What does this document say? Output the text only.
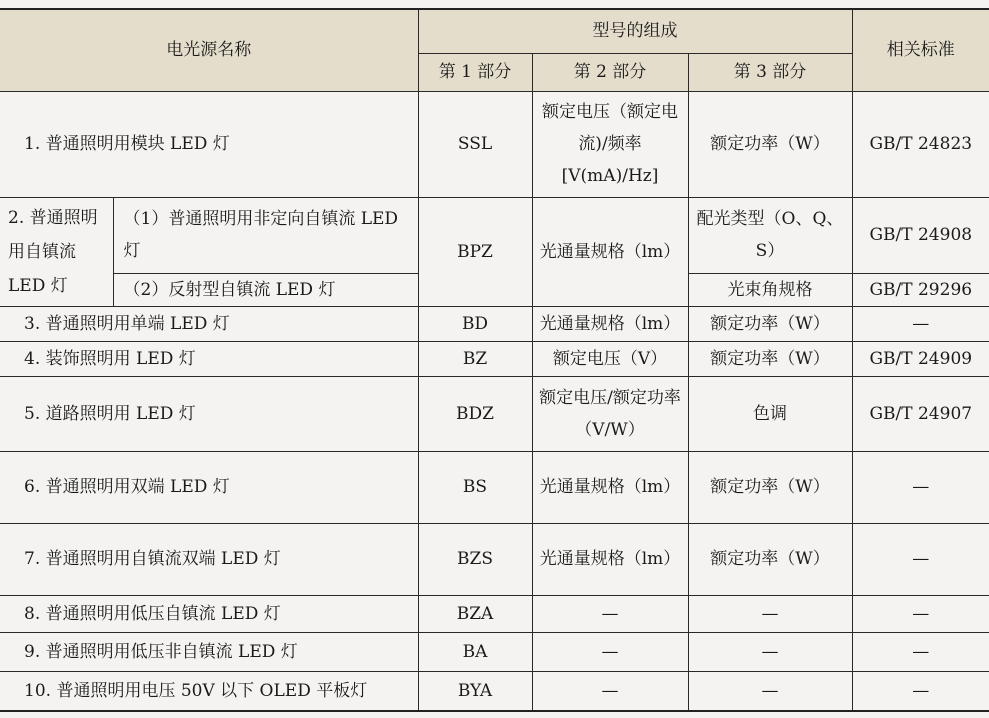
电光源名称		型号的组成			相关标准
		第 1 部分	第 2 部分	第 3 部分	
1. 普通照明用模块 LED 灯		SSL	额定电压（额定电流)/频率[V(mA)/Hz]	额定功率（W）	GB/T 24823
2. 普通照明用自镇流 LED 灯	（1）普通照明用非定向自镇流 LED 灯	BPZ	光通量规格（lm）	配光类型（O、Q、S）	GB/T 24908
	（2）反射型自镇流 LED 灯			光束角规格	GB/T 29296
3. 普通照明用单端 LED 灯		BD	光通量规格（lm）	额定功率（W）	—
4. 装饰照明用 LED 灯		BZ	额定电压（V）	额定功率（W）	GB/T 24909
5. 道路照明用 LED 灯		BDZ	额定电压/额定功率（V/W）	色调	GB/T 24907
6. 普通照明用双端 LED 灯		BS	光通量规格（lm）	额定功率（W）	—
7. 普通照明用自镇流双端 LED 灯		BZS	光通量规格（lm）	额定功率（W）	—
8. 普通照明用低压自镇流 LED 灯		BZA	—	—	—
9. 普通照明用低压非自镇流 LED 灯		BA	—	—	—
10. 普通照明用电压 50V 以下 OLED 平板灯		BYA	—	—	—
